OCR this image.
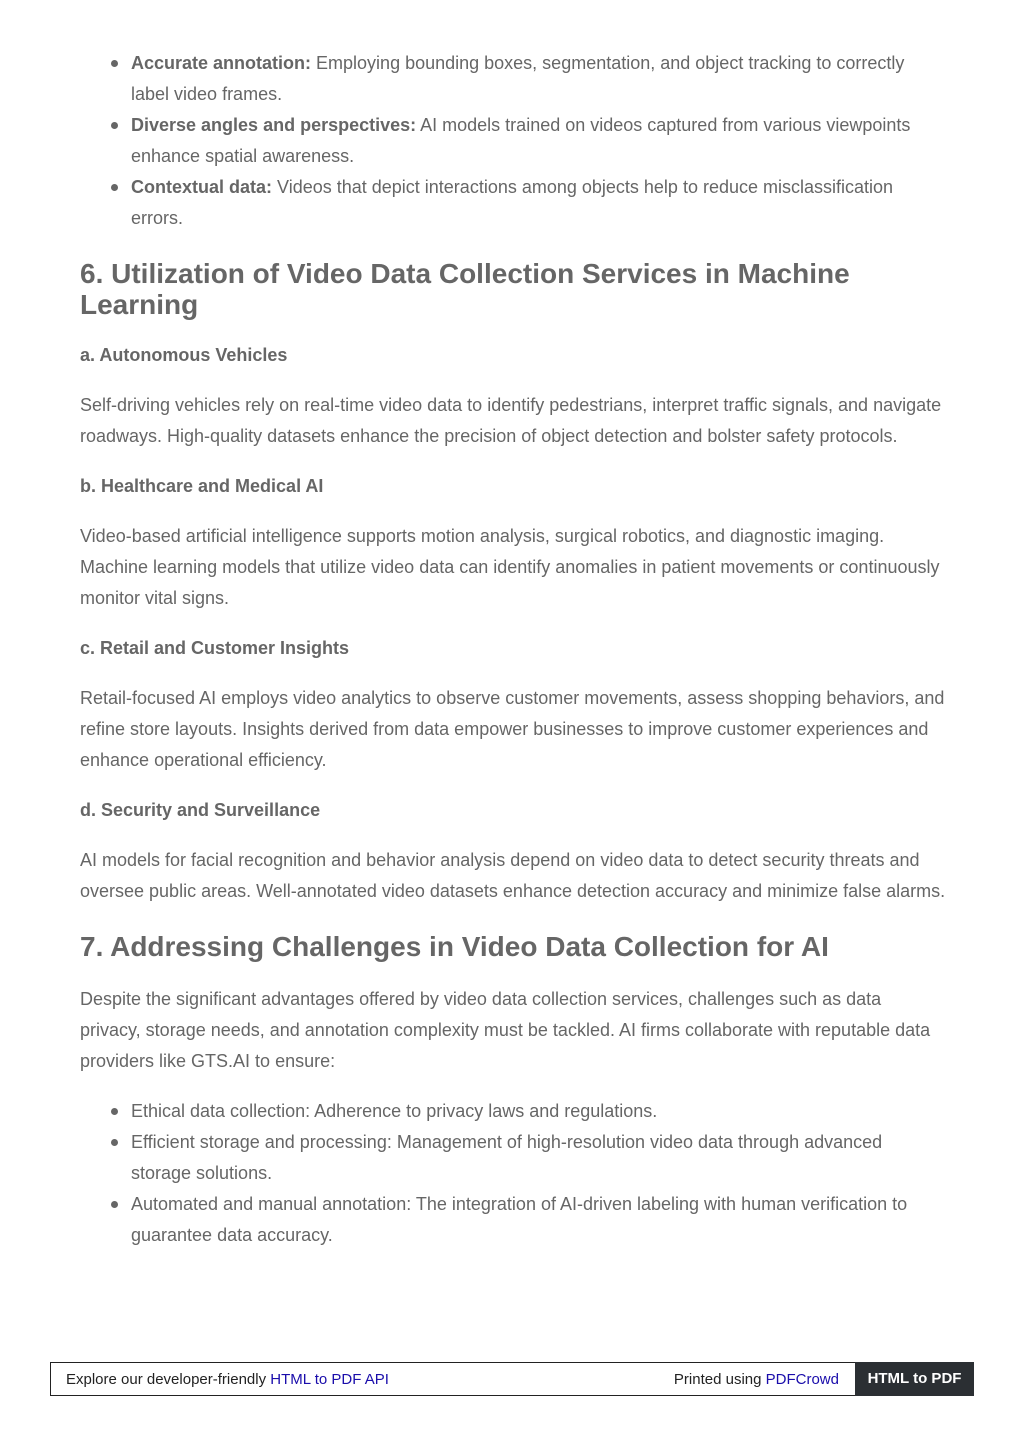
Accurate annotation: Employing bounding boxes, segmentation, and object tracking to correctly label video frames.
Diverse angles and perspectives: AI models trained on videos captured from various viewpoints enhance spatial awareness.
Contextual data: Videos that depict interactions among objects help to reduce misclassification errors.
6. Utilization of Video Data Collection Services in Machine Learning
a. Autonomous Vehicles

Self-driving vehicles rely on real-time video data to identify pedestrians, interpret traffic signals, and navigate roadways. High-quality datasets enhance the precision of object detection and bolster safety protocols.

b. Healthcare and Medical AI

Video-based artificial intelligence supports motion analysis, surgical robotics, and diagnostic imaging. Machine learning models that utilize video data can identify anomalies in patient movements or continuously monitor vital signs.

c. Retail and Customer Insights

Retail-focused AI employs video analytics to observe customer movements, assess shopping behaviors, and refine store layouts. Insights derived from data empower businesses to improve customer experiences and enhance operational efficiency.

d. Security and Surveillance

AI models for facial recognition and behavior analysis depend on video data to detect security threats and oversee public areas. Well-annotated video datasets enhance detection accuracy and minimize false alarms.

7. Addressing Challenges in Video Data Collection for AI

Despite the significant advantages offered by video data collection services, challenges such as data privacy, storage needs, and annotation complexity must be tackled. AI firms collaborate with reputable data providers like GTS.AI to ensure:

Ethical data collection: Adherence to privacy laws and regulations.
Efficient storage and processing: Management of high-resolution video data through advanced storage solutions.
Automated and manual annotation: The integration of AI-driven labeling with human verification to guarantee data accuracy.
Explore our developer-friendly HTML to PDF API	Printed using PDFCrowd	HTML to PDF
